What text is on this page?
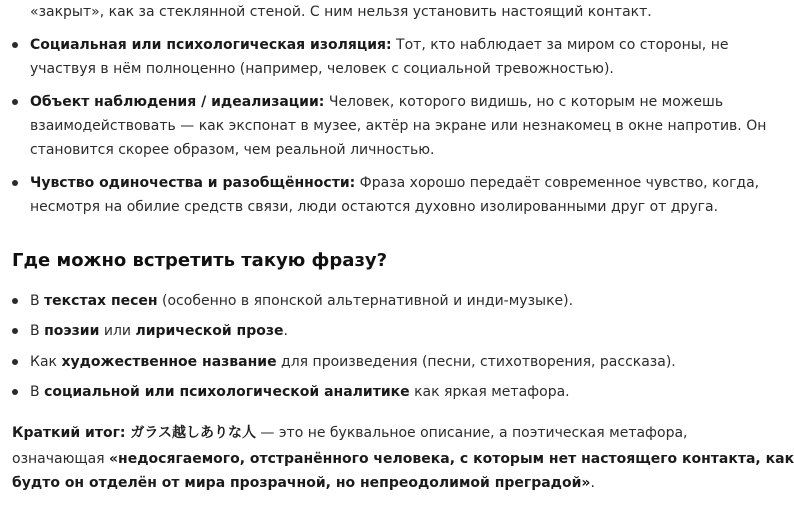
«закрыт», как за стеклянной стеной. С ним нельзя установить настоящий контакт.
Социальная или психологическая изоляция: Тот, кто наблюдает за миром со стороны, не
участвуя в нём полноценно (например, человек с социальной тревожностью).
Объект наблюдения / идеализации: Человек, которого видишь, но с которым не можешь
взаимодействовать — как экспонат в музее, актёр на экране или незнакомец в окне напротив. Он
становится скорее образом, чем реальной личностью.
Чувство одиночества и разобщённости: Фраза хорошо передаёт современное чувство, когда,
несмотря на обилие средств связи, люди остаются духовно изолированными друг от друга.
Где можно встретить такую фразу?
В текстах песен (особенно в японской альтернативной и инди-музыке).
В поэзии или лирической прозе.
Как художественное название для произведения (песни, стихотворения, рассказа).
В социальной или психологической аналитике как яркая метафора.
Краткий итог: ガラス越しありな人 — это не буквальное описание, а поэтическая метафора,
означающая «недосягаемого, отстранённого человека, с которым нет настоящего контакта, как
будто он отделён от мира прозрачной, но непреодолимой преградой».
